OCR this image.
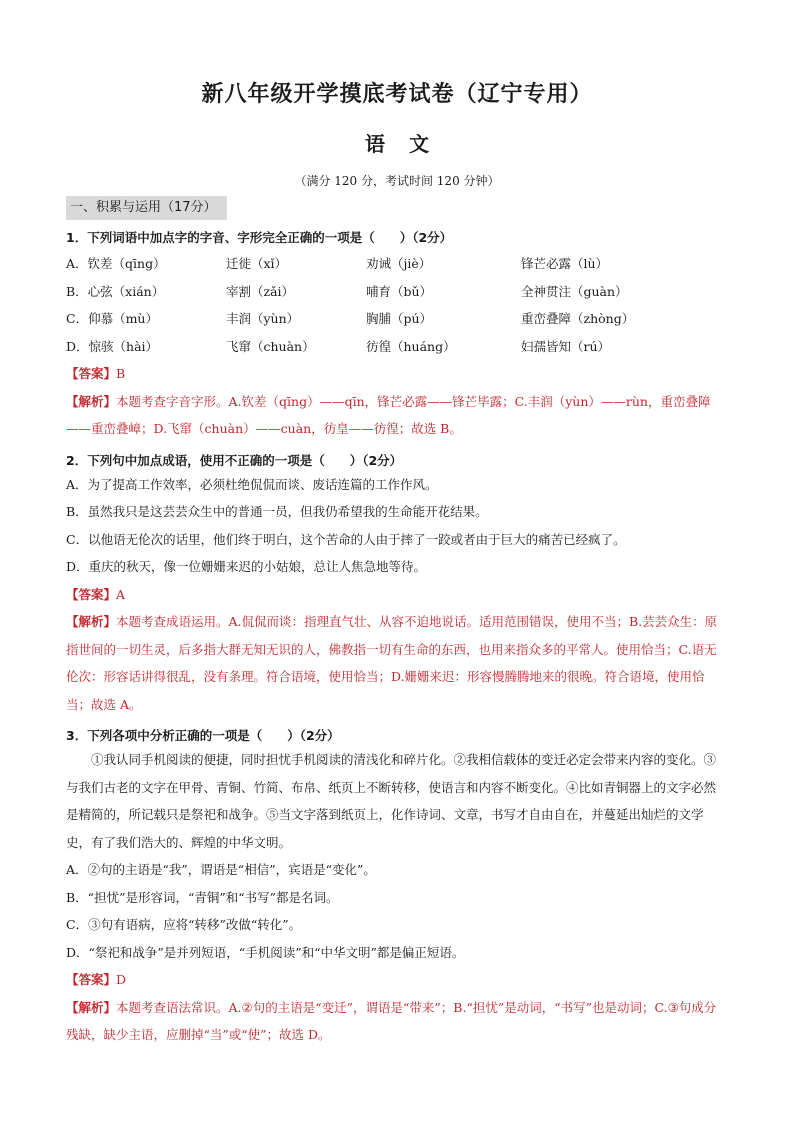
新八年级开学摸底考试卷（辽宁专用）
语 文
（满分 120 分，考试时间 120 分钟）
一、积累与运用（17分）
1．下列词语中加点字的字音、字形完全正确的一项是（　　）（2分）
A．钦差（qīng）	迁徙（xǐ）	劝诫（jiè）	锋芒必露（lù）
B．心弦（xián）	宰割（zǎi）	哺育（bǔ）	全神贯注（guàn）
C．仰慕（mù）	丰润（yùn）	胸脯（pú）	重峦叠障（zhòng）
D．惊骇（hài）	飞窜（chuàn）	彷徨（huáng）	妇孺皆知（rú）
【答案】B
【解析】本题考查字音字形。A.钦差（qīng）——qīn，锋芒必露——锋芒毕露；C.丰润（yùn）——rùn，重峦叠障——重峦叠嶂；D.飞窜（chuàn）——cuàn，彷皇——彷徨；故选 B。
2．下列句中加点成语，使用不正确的一项是（　　）（2分）
A．为了提高工作效率，必须杜绝侃侃而谈、废话连篇的工作作风。
B．虽然我只是这芸芸众生中的普通一员，但我仍希望我的生命能开花结果。
C．以他语无伦次的话里，他们终于明白，这个苦命的人由于摔了一跤或者由于巨大的痛苦已经疯了。
D．重庆的秋天，像一位姗姗来迟的小姑娘，总让人焦急地等待。
【答案】A
【解析】本题考查成语运用。A.侃侃而谈：指理直气壮、从容不迫地说话。适用范围错误，使用不当；B.芸芸众生：原指世间的一切生灵，后多指大群无知无识的人，佛教指一切有生命的东西，也用来指众多的平常人。使用恰当；C.语无伦次：形容话讲得很乱，没有条理。符合语境，使用恰当；D.姗姗来迟：形容慢腾腾地来的很晚。符合语境，使用恰当；故选 A。
3．下列各项中分析正确的一项是（　　）（2分）
①我认同手机阅读的便捷，同时担忧手机阅读的清浅化和碎片化。②我相信载体的变迁必定会带来内容的变化。③与我们古老的文字在甲骨、青铜、竹简、布帛、纸页上不断转移，使语言和内容不断变化。④比如青铜器上的文字必然是精简的，所记载只是祭祀和战争。⑤当文字落到纸页上，化作诗词、文章，书写才自由自在，并蔓延出灿烂的文学史，有了我们浩大的、辉煌的中华文明。
A．②句的主语是“我”，谓语是“相信”，宾语是“变化”。
B．“担忧”是形容词，“青铜”和“书写”都是名词。
C．③句有语病，应将“转移”改做“转化”。
D．“祭祀和战争”是并列短语，“手机阅读”和“中华文明”都是偏正短语。
【答案】D
【解析】本题考查语法常识。A.②句的主语是“变迁”，谓语是“带来”；B.“担忧”是动词，“书写”也是动词；C.③句成分残缺，缺少主语，应删掉“当”或“使”；故选 D。
